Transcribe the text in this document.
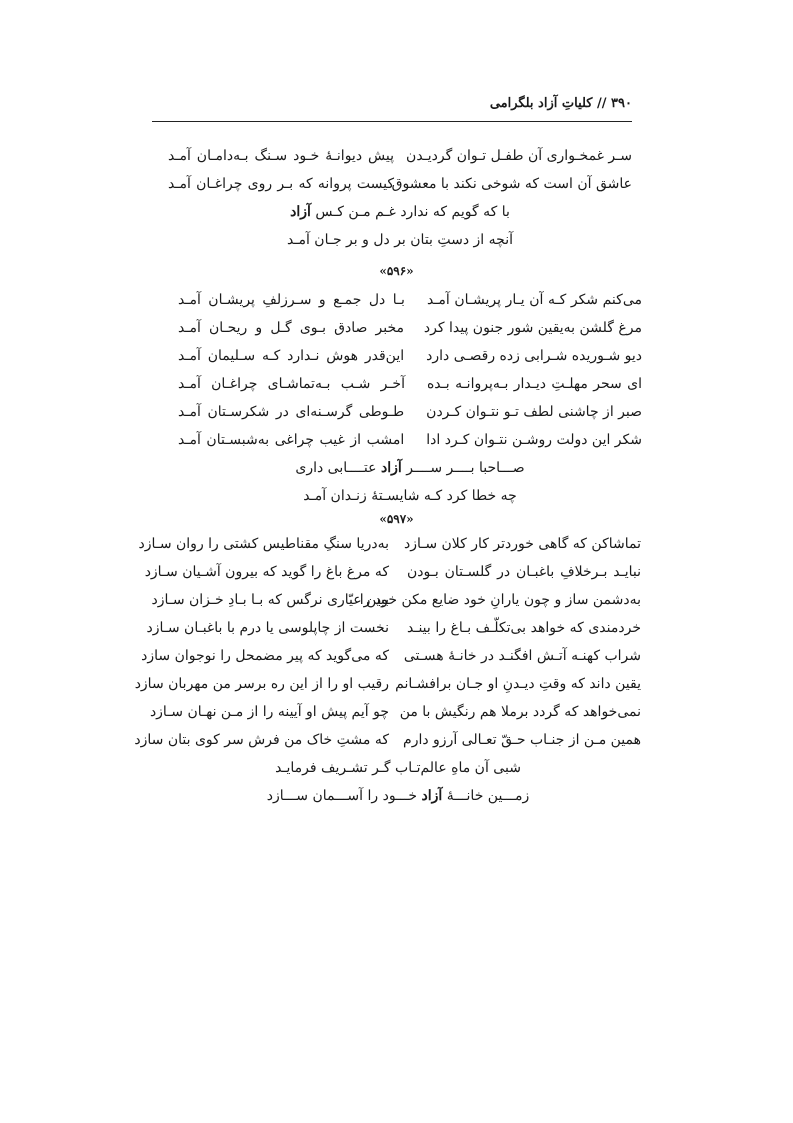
۳۹۰ // کلیاتِ آزاد بلگرامی
سـر غمخـواری آن طفـل تـوان گردیـدن
پیش دیوانـهٔ خـود سـنگ بـه‌دامـان آمـد
عاشق آن است که شوخی نکند با معشوق
کیست پروانه که بـر روی چراغـان آمـد
با که گویم که ندارد غـم مـن کـس آزاد
آنچه از دستِ بتان بر دل و بر جـان آمـد
«۵۹۶»
می‌کنم شکر کـه آن یـار پریشـان آمـد
بـا دل جمـع و سـرزلفِ پریشـان آمـد
مرغ گلشن به‌یقین شور جنون پیدا کرد
مخبر صادق بـوی گـل و ریحـان آمـد
دیو شـوریده شـرابی زده رقصـی دارد
این‌قدر هوش نـدارد کـه سـلیمان آمـد
ای سحر مهلـتِ دیـدار بـه‌پروانـه بـده
آخـر شـب بـه‌تماشـای چراغـان آمـد
صبر از چاشنی لطف تـو نتـوان کـردن
طـوطی گرسـنه‌ای در شکرسـتان آمـد
شکر این دولت روشـن نتـوان کـرد ادا
امشب از غیب چراغی به‌شبسـتان آمـد
صـــاحبا بــــر ســــر آزاد عتــــابی داری
چه خطا کرد کـه شایسـتهٔ زنـدان آمـد
«۵۹۷»
تماشاکن که گاهی خوردتر کار کلان سـازد
به‌دریا سنگِ مقناطیس کشتی را روان سـازد
نبایـد بـرخلافِ باغبـان در گلسـتان بـودن
که مرغ باغ را گوید که بیرون آشـیان سـازد
به‌دشمن ساز و چون یارانِ خود ضایع مکن خود را
ببین عیّاری نرگس که بـا بـادِ خـزان سـازد
خردمندی که خواهد بی‌تکلّـف بـاغ را بینـد
نخست از چاپلوسی یا درم با باغبـان سـازد
شراب کهنـه آتـش افگنـد در خانـهٔ هسـتی
که می‌گوید که پیر مضمحل را نوجوان سازد
یقین داند که وقتِ دیـدنِ او جـان برافشـانم
رقیب او را از این ره برسر من مهربان سازد
نمی‌خواهد که گردد برملا هم رنگیش با من
چو آیم پیش او آیینه را از مـن نهـان سـازد
همین مـن از جنـاب حـقّ تعـالی آرزو دارم
که مشتِ خاک من فرش سر کوی بتان سازد
شبی آن ماهِ عالم‌تـاب گـر تشـریف فرمایـد
زمـــین خانـــهٔ آزاد خـــود را آســـمان ســـازد
